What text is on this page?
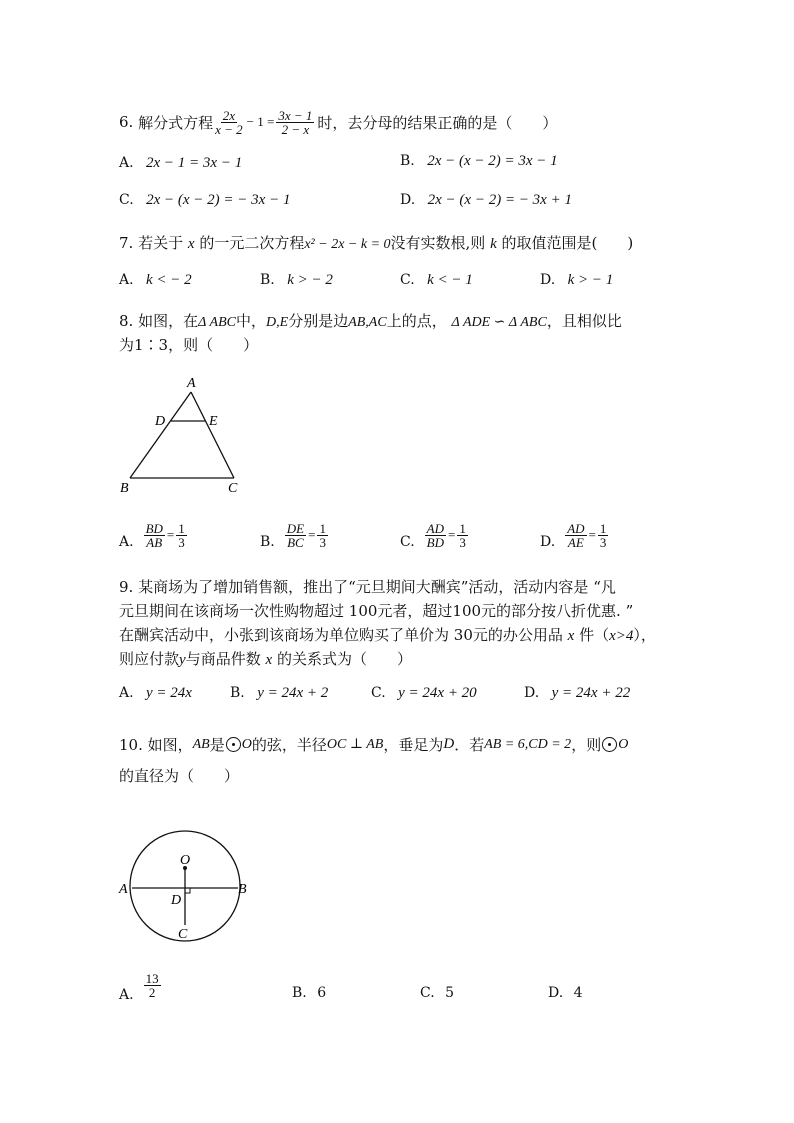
6.
解分式方程 $\frac{2x}{x - 2} - 1 = \frac{3x - 1}{2 - x}$ 时，去分母的结果正确的是（　　）
A. 2x − 1 = 3x − 1	B. 2x − (x − 2) = 3x − 1
C. 2x − (x − 2) = − 3x − 1	D. 2x − (x − 2) = − 3x + 1
7. 若关于 x 的一元二次方程x² − 2x − k = 0没有实数根,则 k 的取值范围是(　　)
A. k < − 2	B. k > − 2	C. k < − 1	D. k > − 1
8. 如图，在Δ ABC中，D,E分别是边AB,AC上的点， Δ ADE ∽ Δ ABC，且相似比
为1∶3，则（　　）
A
D	E
B	C
A. $\frac{BD}{AB} = \frac{1}{3}$	B. $\frac{DE}{BC} = \frac{1}{3}$	C. $\frac{AD}{BD} = \frac{1}{3}$	D. $\frac{AD}{AE} = \frac{1}{3}$
9. 某商场为了增加销售额，推出了“元旦期间大酬宾”活动，活动内容是 “凡
元旦期间在该商场一次性购物超过 100元者，超过100元的部分按八折优惠. ”
在酬宾活动中，小张到该商场为单位购买了单价为 30元的办公用品 x 件（x>4），
则应付款y与商品件数 x 的关系式为（　　）
A. y = 24x	B. y = 24x + 2	C. y = 24x + 20	D. y = 24x + 22
10. 如图， AB 是 O 的弦，半径 OC ⊥ AB ，垂足为 D ．若 AB = 6,CD = 2 ，则 O
的直径为（　　）
O
A	B
D
C
A. $\frac{13}{2}$	B. 6	C. 5	D. 4
